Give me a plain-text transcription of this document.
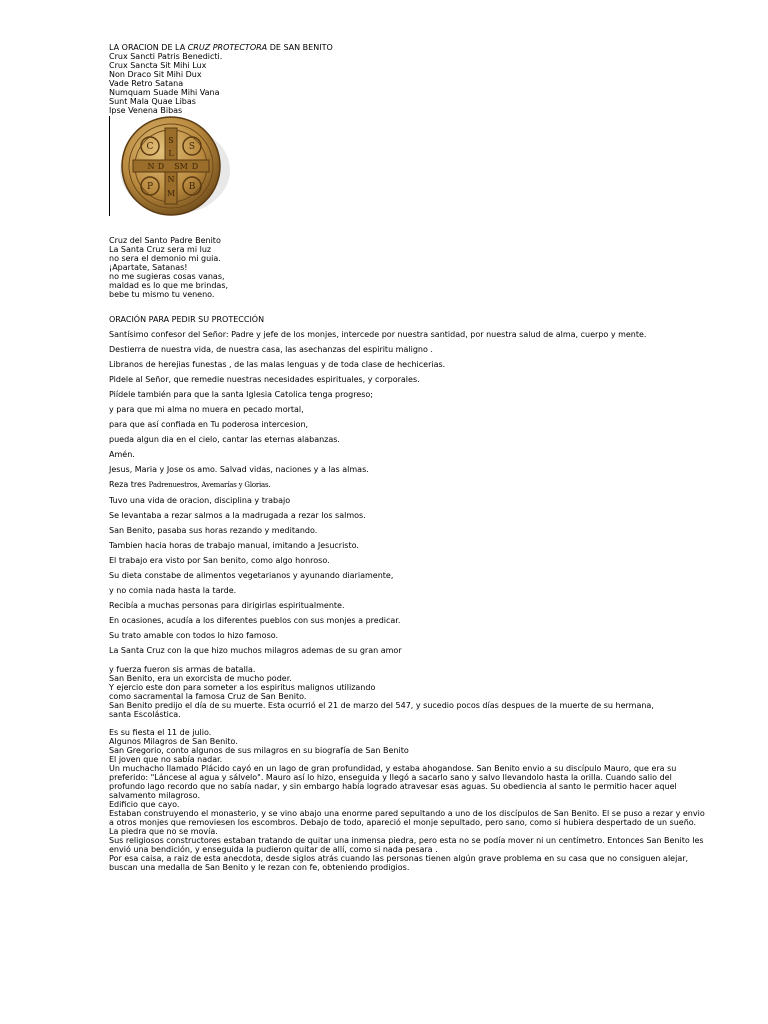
LA ORACION DE LA CRUZ PROTECTORA DE SAN BENITO

Crux Sancti Patris Benedicti.

Crux Sancta Sit Mihi Lux

Non Draco Sit Mihi Dux

Vade Retro Satana

Numquam Suade Mihi Vana

Sunt Mala Quae Libas

Ipse Venena Bibas

C	S
S
L
N D SM D
N
M
P	B

Cruz del Santo Padre Benito

La Santa Cruz sera mi luz

no sera el demonio mi guia.

¡Apartate, Satanas!

no me sugieras cosas vanas,

maldad es lo que me brindas,

bebe tu mismo tu veneno.

ORACIÓN PARA PEDIR SU PROTECCIÓN

Santísimo confesor del Señor: Padre y jefe de los monjes, intercede por nuestra santidad, por nuestra salud de alma, cuerpo y mente.

Destierra de nuestra vida, de nuestra casa, las asechanzas del espiritu maligno .

Libranos de herejias funestas , de las malas lenguas y de toda clase de hechicerias.

Pidele al Señor, que remedie nuestras necesidades espirituales, y corporales.

Piídele también para que la santa Iglesia Catolica tenga progreso;

y para que mi alma no muera en pecado mortal,

para que así confiada en Tu poderosa intercesion,

pueda algun dia en el cielo, cantar las eternas alabanzas.

Amén.

Jesus, Maria y Jose os amo. Salvad vidas, naciones y a las almas.

Reza tres Padrenuestros, Avemarías y Glorias.

Tuvo una vida de oracion, disciplina y trabajo

Se levantaba a rezar salmos a la madrugada a rezar los salmos.

San Benito, pasaba sus horas rezando y meditando.

Tambien hacia horas de trabajo manual, imitando a Jesucristo.

El trabajo era visto por San benito, como algo honroso.

Su dieta constabe de alimentos vegetarianos y ayunando diariamente,

y no comia nada hasta la tarde.

Recibía a muchas personas para dirigirlas espiritualmente.

En ocasiones, acudía a los diferentes pueblos con sus monjes a predicar.

Su trato amable con todos lo hizo famoso.

La Santa Cruz con la que hizo muchos milagros ademas de su gran amor

y fuerza fueron sis armas de batalla.

San Benito, era un exorcista de mucho poder.

Y ejercio este don para someter a los espiritus malignos utilizando

como sacramental la famosa Cruz de San Benito.

San Benito predijo el día de su muerte. Esta ocurrió el 21 de marzo del 547, y sucedio pocos días despues de la muerte de su hermana,

santa Escolástica.

Es su fiesta el 11 de julio.

Algunos Milagros de San Benito.

San Gregorio, conto algunos de sus milagros en su biografía de San Benito

El joven que no sabía nadar.

Un muchacho llamado Plácido cayó en un lago de gran profundidad, y estaba ahogandose. San Benito envio a su discípulo Mauro, que era su preferido: "Láncese al agua y sálvelo". Mauro así lo hizo, enseguida y llegó a sacarlo sano y salvo llevandolo hasta la orilla. Cuando salio del profundo lago recordo que no sabía nadar, y sin embargo había logrado atravesar esas aguas. Su obediencia al santo le permitio hacer aquel salvamento milagroso.

Edificio que cayo.

Estaban construyendo el monasterio, y se vino abajo una enorme pared sepultando a uno de los discípulos de San Benito. El se puso a rezar y envio a otros monjes que removiesen los escombros. Debajo de todo, apareció el monje sepultado, pero sano, como si hubiera despertado de un sueño.

La piedra que no se movía.

Sus religiosos constructores estaban tratando de quitar una inmensa piedra, pero esta no se podía mover ni un centímetro. Entonces San Benito les envió una bendición, y enseguida la pudieron quitar de allí, como si nada pesara .

Por esa caisa, a raiz de esta anecdota, desde siglos atrás cuando las personas tienen algún grave problema en su casa que no consiguen alejar, buscan una medalla de San Benito y le rezan con fe, obteniendo prodigios.
